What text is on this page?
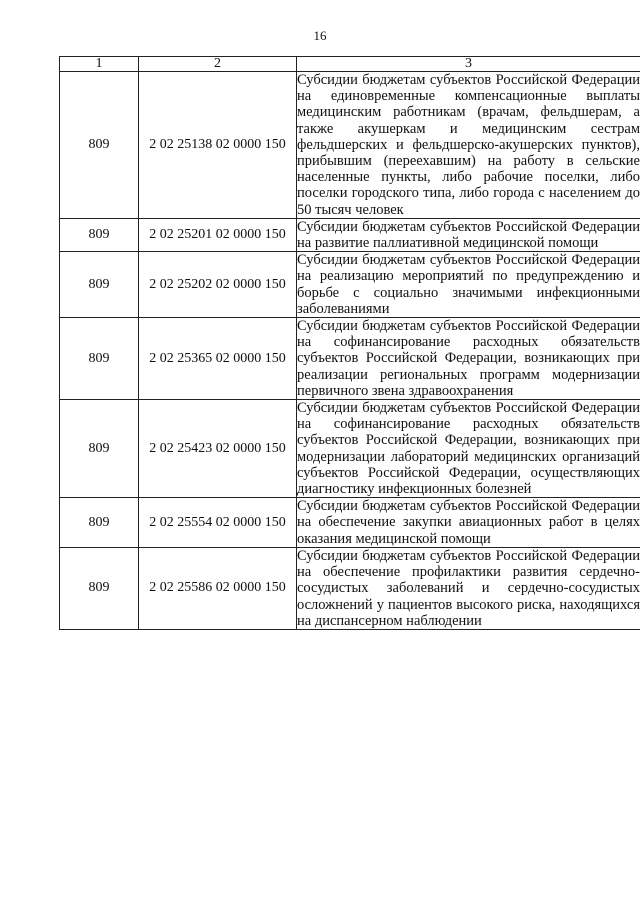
16
1	2	3
809	2 02 25138 02 0000 150	Субсидии бюджетам субъектов Российской Федерации на единовременные компенсационные выплаты медицинским работникам (врачам, фельдшерам, а также акушеркам и медицинским сестрам фельдшерских и фельдшерско-акушерских пунктов), прибывшим (переехавшим) на работу в сельские населенные пункты, либо рабочие поселки, либо поселки городского типа, либо города с населением до 50 тысяч человек

809	2 02 25201 02 0000 150	Субсидии бюджетам субъектов Российской Федерации на развитие паллиативной медицинской помощи

809	2 02 25202 02 0000 150	Субсидии бюджетам субъектов Российской Федерации на реализацию мероприятий по предупреждению и борьбе с социально значимыми инфекционными заболеваниями

809	2 02 25365 02 0000 150	Субсидии бюджетам субъектов Российской Федерации на софинансирование расходных обязательств субъектов Российской Федерации, возникающих при реализации региональных программ модернизации первичного звена здравоохранения

809	2 02 25423 02 0000 150	Субсидии бюджетам субъектов Российской Федерации на софинансирование расходных обязательств субъектов Российской Федерации, возникающих при модернизации лабораторий медицинских организаций субъектов Российской Федерации, осуществляющих диагностику инфекционных болезней

809	2 02 25554 02 0000 150	Субсидии бюджетам субъектов Российской Федерации на обеспечение закупки авиационных работ в целях оказания медицинской помощи

809	2 02 25586 02 0000 150	Субсидии бюджетам субъектов Российской Федерации на обеспечение профилактики развития сердечно-сосудистых заболеваний и сердечно-сосудистых осложнений у пациентов высокого риска, находящихся на диспансерном наблюдении
